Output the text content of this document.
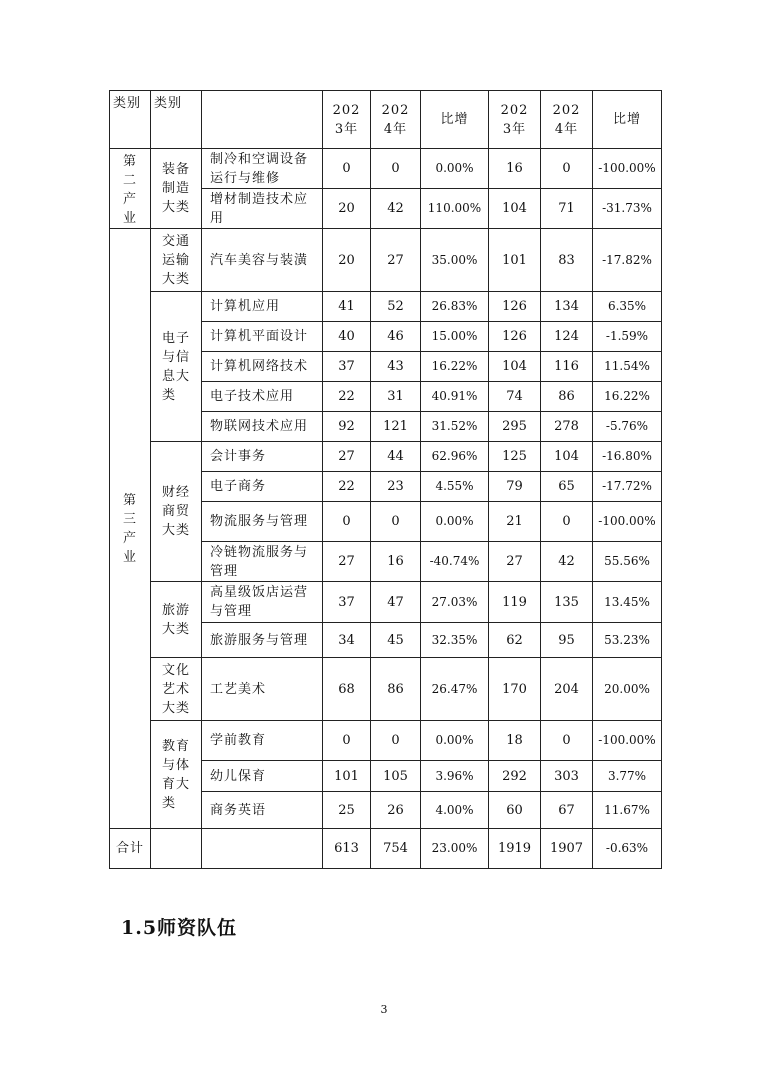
类别	类别		2023年	2024年	比增	2023年	2024年	比增
第二产业	装备制造大类	制冷和空调设备运行与维修	0	0	0.00%	16	0	-100.00%
		增材制造技术应用	20	42	110.00%	104	71	-31.73%
第三产业	交通运输大类	汽车美容与装潢	20	27	35.00%	101	83	-17.82%
	电子与信息大类	计算机应用	41	52	26.83%	126	134	6.35%
		计算机平面设计	40	46	15.00%	126	124	-1.59%
		计算机网络技术	37	43	16.22%	104	116	11.54%
		电子技术应用	22	31	40.91%	74	86	16.22%
		物联网技术应用	92	121	31.52%	295	278	-5.76%
	财经商贸大类	会计事务	27	44	62.96%	125	104	-16.80%
		电子商务	22	23	4.55%	79	65	-17.72%
		物流服务与管理	0	0	0.00%	21	0	-100.00%
		冷链物流服务与管理	27	16	-40.74%	27	42	55.56%
	旅游大类	高星级饭店运营与管理	37	47	27.03%	119	135	13.45%
		旅游服务与管理	34	45	32.35%	62	95	53.23%
	文化艺术大类	工艺美术	68	86	26.47%	170	204	20.00%
	教育与体育大类	学前教育	0	0	0.00%	18	0	-100.00%
		幼儿保育	101	105	3.96%	292	303	3.77%
		商务英语	25	26	4.00%	60	67	11.67%
合计			613	754	23.00%	1919	1907	-0.63%
1.5师资队伍
3
